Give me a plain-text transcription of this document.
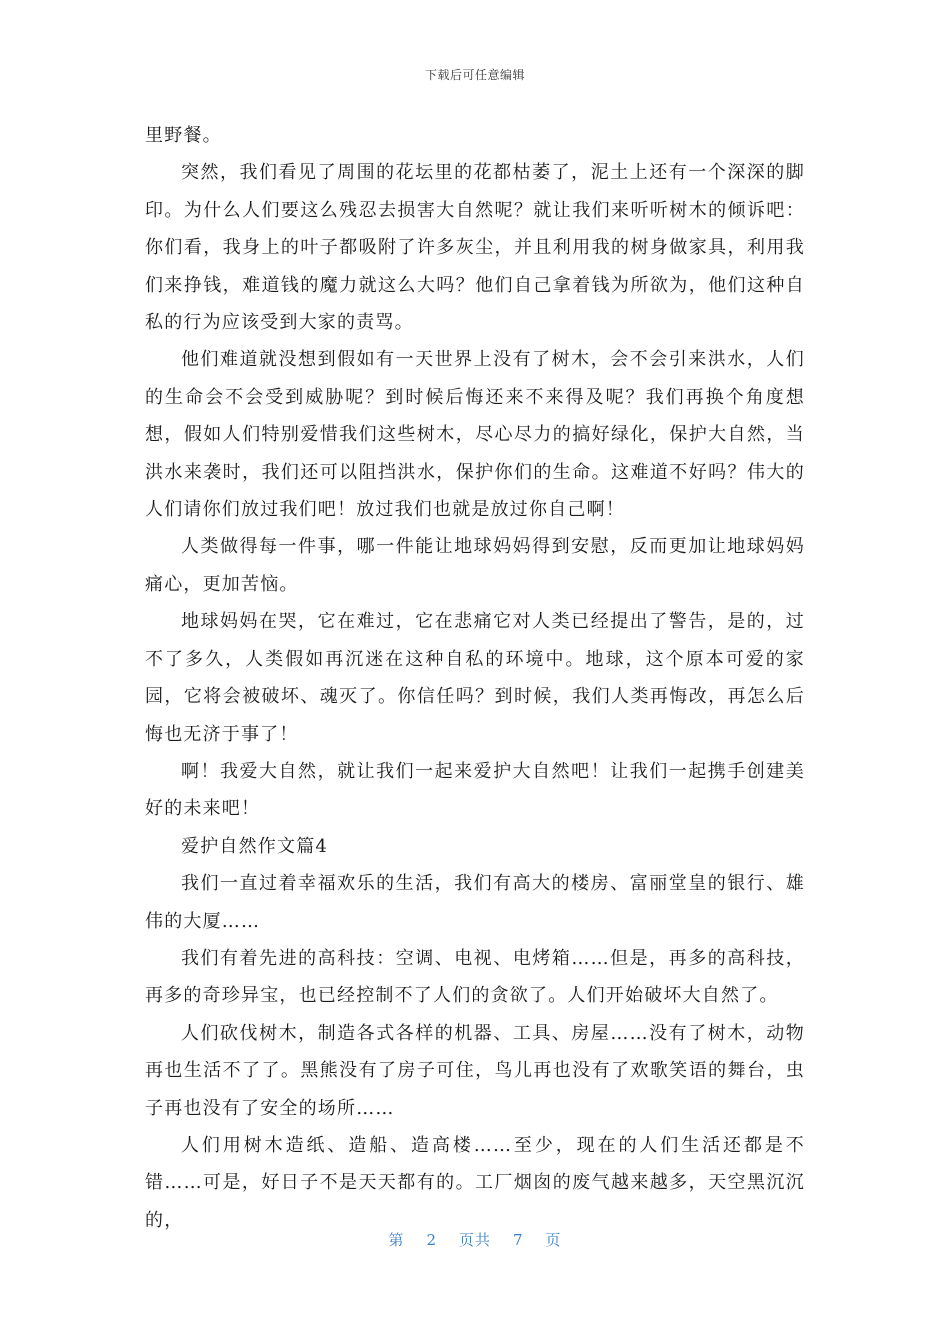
下载后可任意编辑

里野餐。

突然，我们看见了周围的花坛里的花都枯萎了，泥土上还有一个深深的脚印。为什么人们要这么残忍去损害大自然呢？就让我们来听听树木的倾诉吧：你们看，我身上的叶子都吸附了许多灰尘，并且利用我的树身做家具，利用我们来挣钱，难道钱的魔力就这么大吗？他们自己拿着钱为所欲为，他们这种自私的行为应该受到大家的责骂。

他们难道就没想到假如有一天世界上没有了树木，会不会引来洪水，人们的生命会不会受到威胁呢？到时候后悔还来不来得及呢？我们再换个角度想想，假如人们特别爱惜我们这些树木，尽心尽力的搞好绿化，保护大自然，当洪水来袭时，我们还可以阻挡洪水，保护你们的生命。这难道不好吗？伟大的人们请你们放过我们吧！放过我们也就是放过你自己啊！

人类做得每一件事，哪一件能让地球妈妈得到安慰，反而更加让地球妈妈痛心，更加苦恼。

地球妈妈在哭，它在难过，它在悲痛它对人类已经提出了警告，是的，过不了多久，人类假如再沉迷在这种自私的环境中。地球，这个原本可爱的家园，它将会被破坏、魂灭了。你信任吗？到时候，我们人类再悔改，再怎么后悔也无济于事了！

啊！我爱大自然，就让我们一起来爱护大自然吧！让我们一起携手创建美好的未来吧！

爱护自然作文篇4

我们一直过着幸福欢乐的生活，我们有高大的楼房、富丽堂皇的银行、雄伟的大厦……

我们有着先进的高科技：空调、电视、电烤箱……但是，再多的高科技，再多的奇珍异宝，也已经控制不了人们的贪欲了。人们开始破坏大自然了。

人们砍伐树木，制造各式各样的机器、工具、房屋……没有了树木，动物再也生活不了了。黑熊没有了房子可住，鸟儿再也没有了欢歌笑语的舞台，虫子再也没有了安全的场所……

人们用树木造纸、造船、造高楼……至少，现在的人们生活还都是不错……可是，好日子不是天天都有的。工厂烟囱的废气越来越多，天空黑沉沉的，

第 2 页共 7 页
